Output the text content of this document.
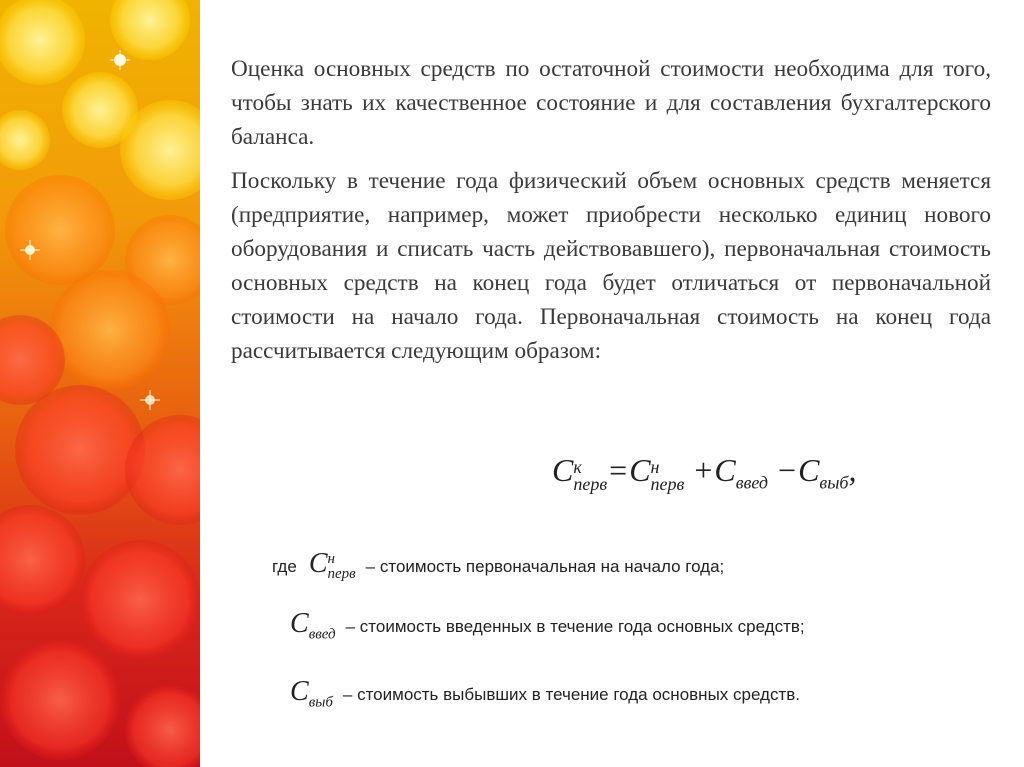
Оценка основных средств по остаточной стоимости необходима для того, чтобы знать их качественное состояние и для составления бухгалтерского баланса.

Поскольку в течение года физический объем основных средств меняется (предприятие, например, может приобрести несколько единиц нового оборудования и списать часть действовавшего), первоначальная стоимость основных средств на конец года будет отличаться от первоначальной стоимости на начало года. Первоначальная стоимость на конец года рассчитывается следующим образом:

C к
перв =C н
перв $+C_{введ} -C_{выб}$,
где C н
перв – стоимость первоначальная на начало года;
$C_{введ}$ – стоимость введенных в течение года основных средств;
$C_{выб}$ – стоимость выбывших в течение года основных средств.
